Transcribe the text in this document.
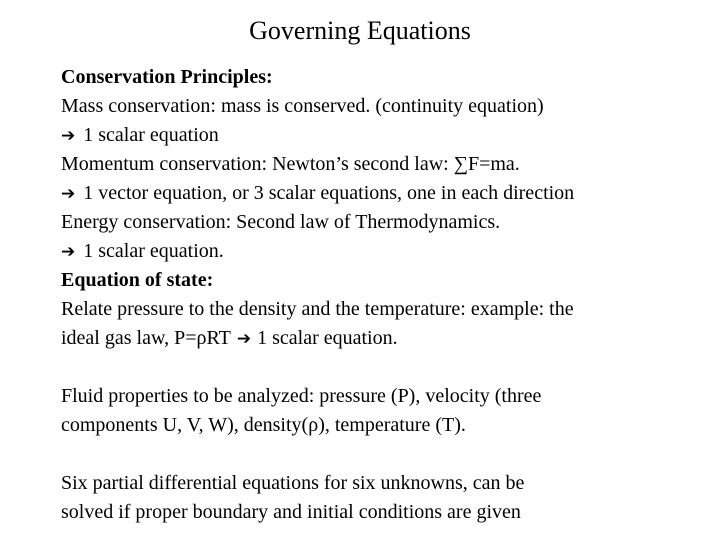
Governing Equations
Conservation Principles:
Mass conservation: mass is conserved. (continuity equation)
➔ 1 scalar equation
Momentum conservation: Newton’s second law: ∑F=ma.
➔ 1 vector equation, or 3 scalar equations, one in each direction
Energy conservation: Second law of Thermodynamics.
➔ 1 scalar equation.
Equation of state:
Relate pressure to the density and the temperature: example: the
ideal gas law, P=ρRT ➔ 1 scalar equation.
Fluid properties to be analyzed: pressure (P), velocity (three
components U, V, W), density(ρ), temperature (T).
Six partial differential equations for six unknowns, can be
solved if proper boundary and initial conditions are given
